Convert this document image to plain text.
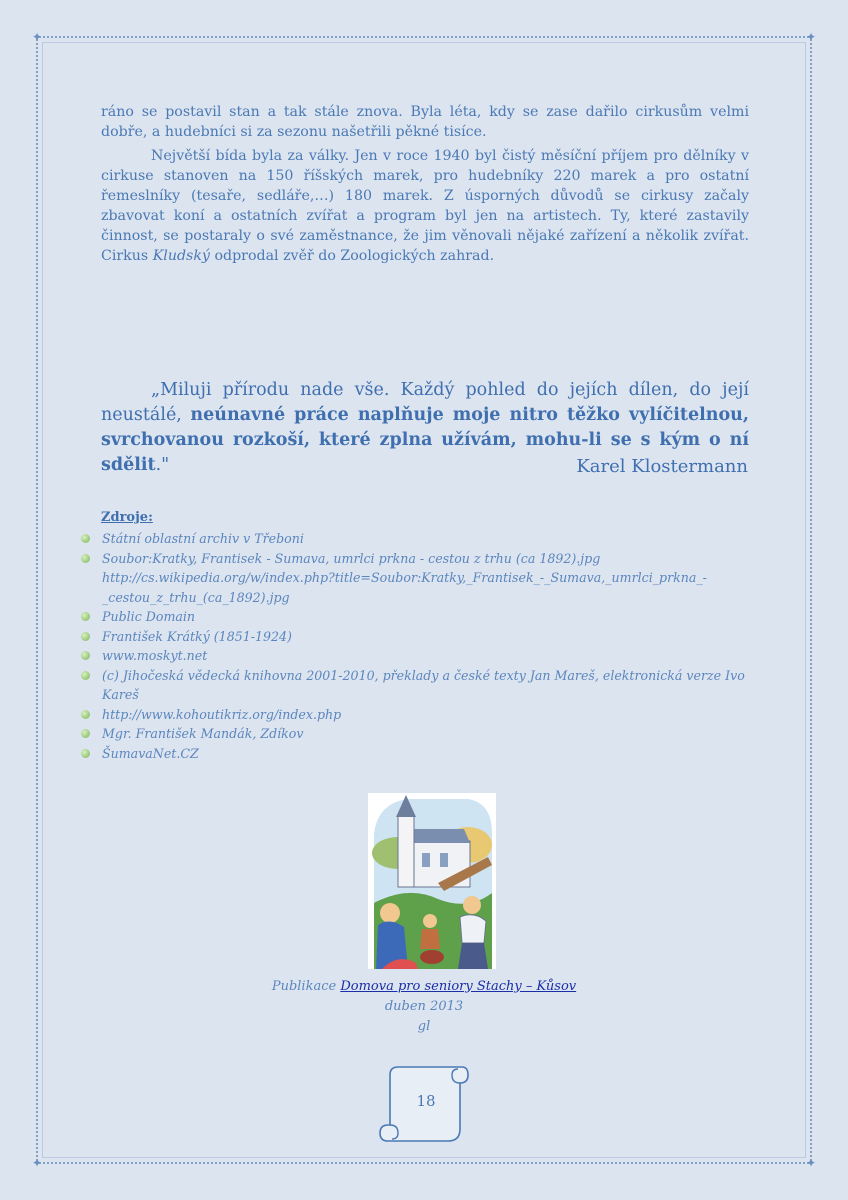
✦	✦
✦	✦

ráno se postavil stan a tak stále znova. Byla léta, kdy se zase dařilo cirkusům velmi dobře, a hudebníci si za sezonu našetřili pěkné tisíce.

Největší bída byla za války. Jen v roce 1940 byl čistý měsíční příjem pro dělníky v cirkuse stanoven na 150 říšských marek, pro hudebníky 220 marek a pro ostatní řemeslníky (tesaře, sedláře,…) 180 marek. Z úsporných důvodů se cirkusy začaly zbavovat koní a ostatních zvířat a program byl jen na artistech. Ty, které zastavily činnost, se postaraly o své zaměstnance, že jim věnovali nějaké zařízení a několik zvířat. Cirkus Kludský odprodal zvěř do Zoologických zahrad.

„Miluji přírodu nade vše. Každý pohled do jejích dílen, do její neustálé, neúnavné práce naplňuje moje nitro těžko vylíčitelnou, svrchovanou rozkoší, které zplna užívám, mohu-li se s kým o ní sdělit."	Karel Klostermann
Zdroje:
Státní oblastní archiv v Třeboni
Soubor:Kratky, Frantisek - Sumava, umrlci prkna - cestou z trhu (ca 1892).jpg http://cs.wikipedia.org/w/index.php?title=Soubor:Kratky,_Frantisek_-_Sumava,_umrlci_prkna_-_cestou_z_trhu_(ca_1892).jpg
Public Domain
František Krátký (1851-1924)
www.moskyt.net
(c) Jihočeská vědecká knihovna 2001-2010, překlady a české texty Jan Mareš, elektronická verze Ivo Kareš
http://www.kohoutikriz.org/index.php
Mgr. František Mandák, Zdíkov
ŠumavaNet.CZ
Publikace Domova pro seniory Stachy – Kůsov
duben 2013
gl
18
